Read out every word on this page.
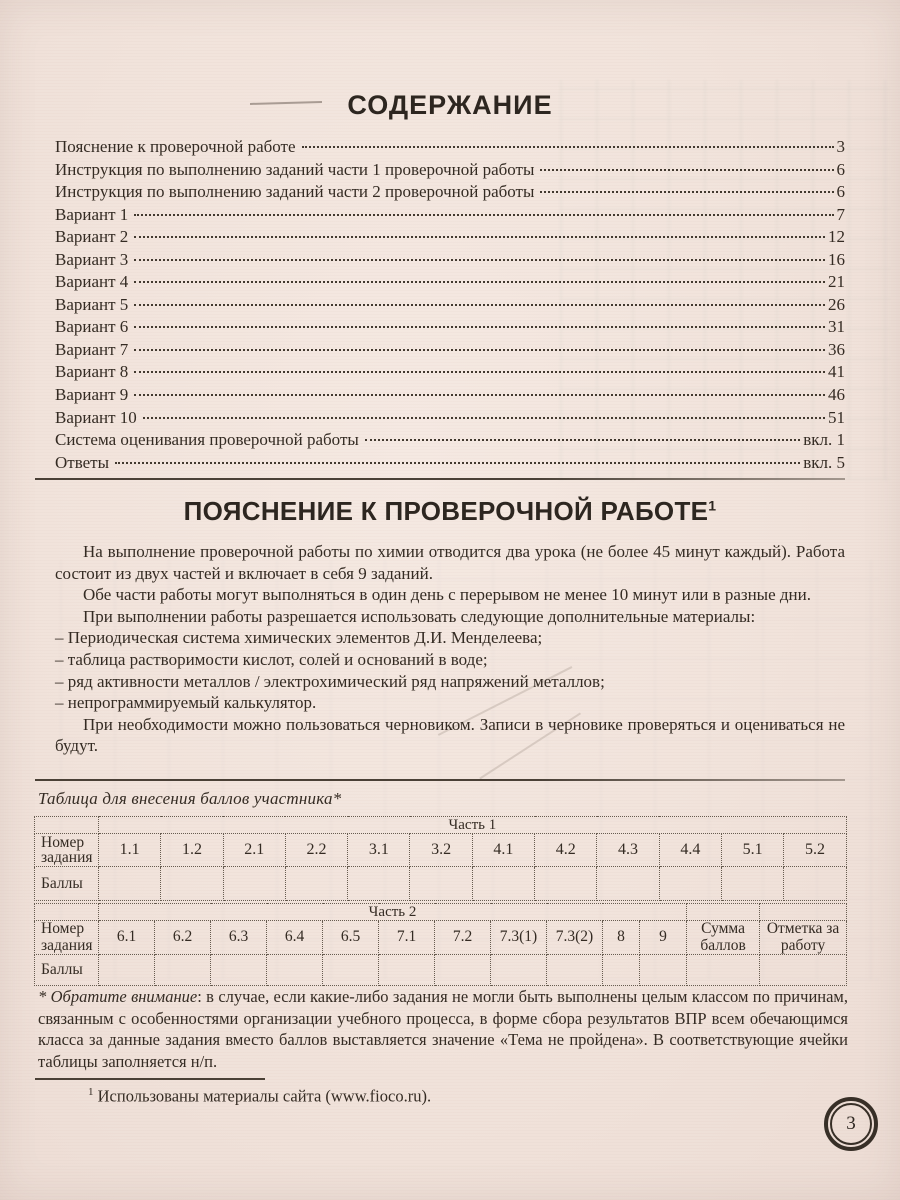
СОДЕРЖАНИЕ
Пояснение к проверочной работе	3
Инструкция по выполнению заданий части 1 проверочной работы	6
Инструкция по выполнению заданий части 2 проверочной работы	6
Вариант 1	7
Вариант 2	12
Вариант 3	16
Вариант 4	21
Вариант 5	26
Вариант 6	31
Вариант 7	36
Вариант 8	41
Вариант 9	46
Вариант 10	51
Система оценивания проверочной работы	вкл. 1
Ответы	вкл. 5
ПОЯСНЕНИЕ К ПРОВЕРОЧНОЙ РАБОТЕ$^1$

На выполнение проверочной работы по химии отводится два урока (не более 45 минут каждый). Работа состоит из двух частей и включает в себя 9 заданий.

Обе части работы могут выполняться в один день с перерывом не менее 10 минут или в разные дни.

При выполнении работы разрешается использовать следующие дополнительные материалы:

– Периодическая система химических элементов Д.И. Менделеева;

– таблица растворимости кислот, солей и оснований в воде;

– ряд активности металлов / электрохимический ряд напряжений металлов;

– непрограммируемый калькулятор.

При необходимости можно пользоваться черновиком. Записи в черновике проверяться и оцениваться не будут.

Таблица для внесения баллов участника*
	Часть 1											
Номер задания	1.1	1.2	2.1	2.2	3.1	3.2	4.1	4.2	4.3	4.4	5.1	5.2
Баллы												
	Часть 2												
Номер задания	6.1	6.2	6.3	6.4	6.5	7.1	7.2	7.3(1)	7.3(2)	8	9	Сумма баллов	Отметка за работу
Баллы													
* Обратите внимание: в случае, если какие-либо задания не могли быть выполнены целым классом по причинам, связанным с особенностями организации учебного процесса, в форме сбора результатов ВПР всем обечающимся класса за данные задания вместо баллов выставляется значение «Тема не пройдена». В соответствующие ячейки таблицы заполняется н/п.
$^1$ Использованы материалы сайта (www.fioco.ru).
3
